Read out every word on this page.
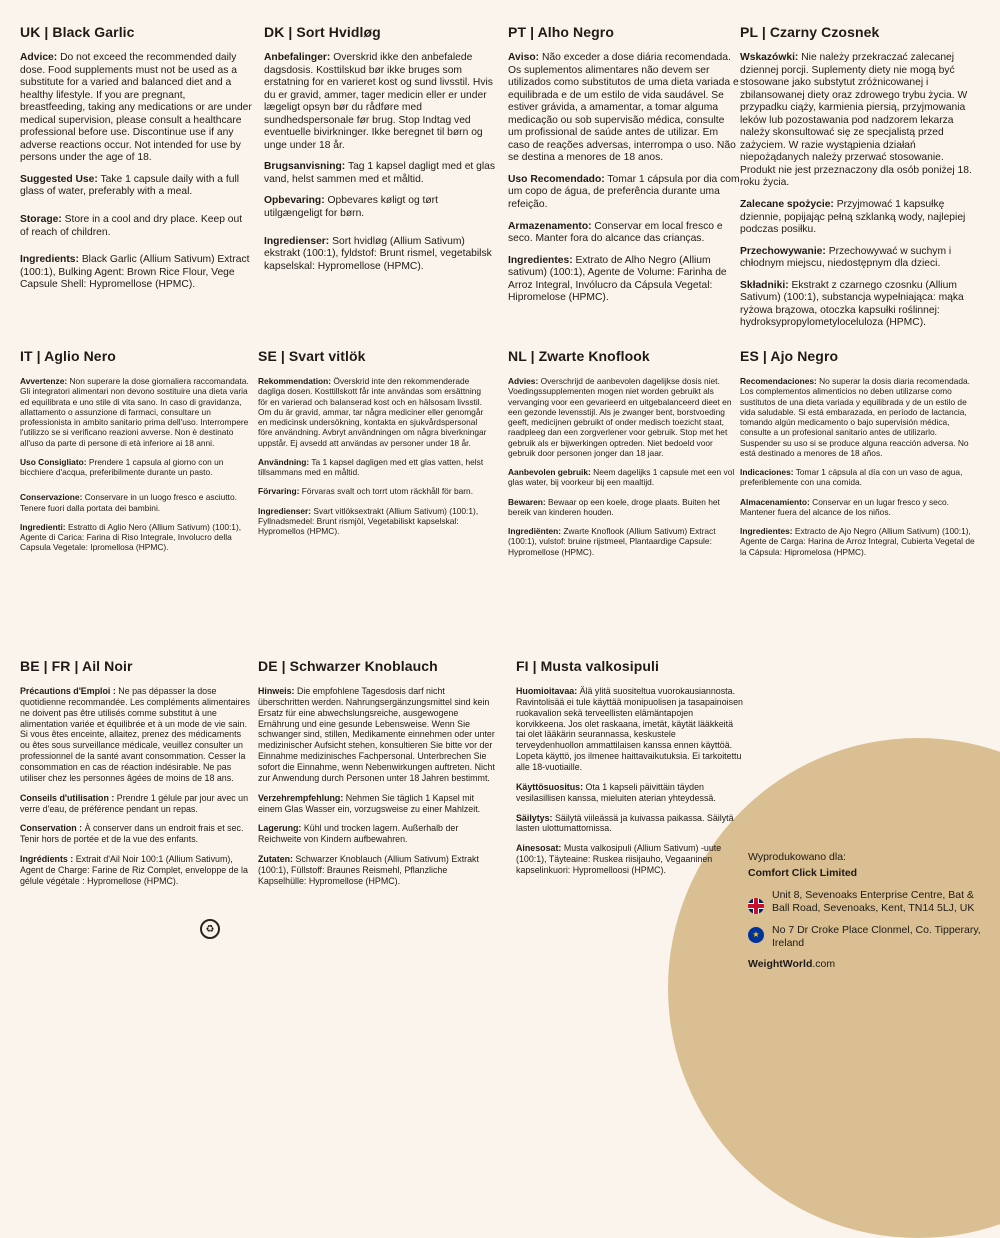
UK | Black Garlic
Advice: Do not exceed the recommended daily dose. Food supplements must not be used as a substitute for a varied and balanced diet and a healthy lifestyle. If you are pregnant, breastfeeding, taking any medications or are under medical supervision, please consult a healthcare professional before use. Discontinue use if any adverse reactions occur. Not intended for use by persons under the age of 18.
Suggested Use: Take 1 capsule daily with a full glass of water, preferably with a meal.
Storage: Store in a cool and dry place. Keep out of reach of children.
Ingredients: Black Garlic (Allium Sativum) Extract (100:1), Bulking Agent: Brown Rice Flour, Vege Capsule Shell: Hypromellose (HPMC).
DK | Sort Hvidløg
Anbefalinger: Overskrid ikke den anbefalede dagsdosis. Kosttilskud bør ikke bruges som erstatning for en varieret kost og sund livsstil. Hvis du er gravid, ammer, tager medicin eller er under lægeligt opsyn bør du rådføre med sundhedspersonale før brug. Stop Indtag ved eventuelle bivirkninger. Ikke beregnet til børn og unge under 18 år.
Brugsanvisning: Tag 1 kapsel dagligt med et glas vand, helst sammen med et måltid.
Opbevaring: Opbevares køligt og tørt utilgængeligt for børn.
Ingredienser: Sort hvidløg (Allium Sativum) ekstrakt (100:1), fyldstof: Brunt rismel, vegetabilsk kapselskal: Hypromellose (HPMC).
PT | Alho Negro
Aviso: Não exceder a dose diária recomendada. Os suplementos alimentares não devem ser utilizados como substitutos de uma dieta variada e equilibrada e de um estilo de vida saudável. Se estiver grávida, a amamentar, a tomar alguma medicação ou sob supervisão médica, consulte um profissional de saúde antes de utilizar. Em caso de reações adversas, interrompa o uso. Não se destina a menores de 18 anos.
Uso Recomendado: Tomar 1 cápsula por dia com um copo de água, de preferência durante uma refeição.
Armazenamento: Conservar em local fresco e seco. Manter fora do alcance das crianças.
Ingredientes: Extrato de Alho Negro (Allium sativum) (100:1), Agente de Volume: Farinha de Arroz Integral, Invólucro da Cápsula Vegetal: Hipromelose (HPMC).
PL | Czarny Czosnek
Wskazówki: Nie należy przekraczać zalecanej dziennej porcji. Suplementy diety nie mogą być stosowane jako substytut zróżnicowanej i zbilansowanej diety oraz zdrowego trybu życia. W przypadku ciąży, karmienia piersią, przyjmowania leków lub pozostawania pod nadzorem lekarza należy skonsultować się ze specjalistą przed zażyciem. W razie wystąpienia działań niepożądanych należy przerwać stosowanie. Produkt nie jest przeznaczony dla osób poniżej 18. roku życia.
Zalecane spożycie: Przyjmować 1 kapsułkę dziennie, popijając pełną szklanką wody, najlepiej podczas posiłku.
Przechowywanie: Przechowywać w suchym i chłodnym miejscu, niedostępnym dla dzieci.
Składniki: Ekstrakt z czarnego czosnku (Allium Sativum) (100:1), substancja wypełniająca: mąka ryżowa brązowa, otoczka kapsułki roślinnej: hydroksypropylometyloceluloza (HPMC).
IT | Aglio Nero
Avvertenze: Non superare la dose giornaliera raccomandata. Gli integratori alimentari non devono sostituire una dieta varia ed equilibrata e uno stile di vita sano. In caso di gravidanza, allattamento o assunzione di farmaci, consultare un professionista in ambito sanitario prima dell'uso. Interrompere l'utilizzo se si verificano reazioni avverse. Non è destinato all'uso da parte di persone di età inferiore ai 18 anni.
Uso Consigliato: Prendere 1 capsula al giorno con un bicchiere d'acqua, preferibilmente durante un pasto.
Conservazione: Conservare in un luogo fresco e asciutto. Tenere fuori dalla portata dei bambini.
Ingredienti: Estratto di Aglio Nero (Allium Sativum) (100:1), Agente di Carica: Farina di Riso Integrale, Involucro della Capsula Vegetale: Ipromellosa (HPMC).
SE | Svart vitlök
Rekommendation: Överskrid inte den rekommenderade dagliga dosen. Kosttillskott får inte användas som ersättning för en varierad och balanserad kost och en hälsosam livsstil. Om du är gravid, ammar, tar några mediciner eller genomgår en medicinsk undersökning, kontakta en sjukvårdspersonal före användning. Avbryt användningen om några biverkningar uppstår. Ej avsedd att användas av personer under 18 år.
Användning: Ta 1 kapsel dagligen med ett glas vatten, helst tillsammans med en måltid.
Förvaring: Förvaras svalt och torrt utom räckhåll för barn.
Ingredienser: Svart vitlöksextrakt (Allium Sativum) (100:1), Fyllnadsmedel: Brunt rismjöl, Vegetabiliskt kapselskal: Hypromellos (HPMC).
NL | Zwarte Knoflook
Advies: Overschrijd de aanbevolen dagelijkse dosis niet. Voedingssupplementen mogen niet worden gebruikt als vervanging voor een gevarieerd en uitgebalanceerd dieet en een gezonde levensstijl. Als je zwanger bent, borstvoeding geeft, medicijnen gebruikt of onder medisch toezicht staat, raadpleeg dan een zorgverlener voor gebruik. Stop met het gebruik als er bijwerkingen optreden. Niet bedoeld voor gebruik door personen jonger dan 18 jaar.
Aanbevolen gebruik: Neem dagelijks 1 capsule met een vol glas water, bij voorkeur bij een maaltijd.
Bewaren: Bewaar op een koele, droge plaats. Buiten het bereik van kinderen houden.
Ingrediënten: Zwarte Knoflook (Allium Sativum) Extract (100:1), vulstof: bruine rijstmeel, Plantaardige Capsule: Hypromellose (HPMC).
ES | Ajo Negro
Recomendaciones: No superar la dosis diaria recomendada. Los complementos alimenticios no deben utilizarse como sustitutos de una dieta variada y equilibrada y de un estilo de vida saludable. Si está embarazada, en período de lactancia, tomando algún medicamento o bajo supervisión médica, consulte a un profesional sanitario antes de utilizarlo. Suspender su uso si se produce alguna reacción adversa. No está destinado a menores de 18 años.
Indicaciones: Tomar 1 cápsula al día con un vaso de agua, preferiblemente con una comida.
Almacenamiento: Conservar en un lugar fresco y seco. Mantener fuera del alcance de los niños.
Ingredientes: Extracto de Ajo Negro (Allium Sativum) (100:1), Agente de Carga: Harina de Arroz Integral, Cubierta Vegetal de la Cápsula: Hipromelosa (HPMC).
BE | FR | Ail Noir
Précautions d'Emploi : Ne pas dépasser la dose quotidienne recommandée. Les compléments alimentaires ne doivent pas être utilisés comme substitut à une alimentation variée et équilibrée et à un mode de vie sain. Si vous êtes enceinte, allaitez, prenez des médicaments ou êtes sous surveillance médicale, veuillez consulter un professionnel de la santé avant consommation. Cesser la consommation en cas de réaction indésirable. Ne pas utiliser chez les personnes âgées de moins de 18 ans.
Conseils d'utilisation : Prendre 1 gélule par jour avec un verre d'eau, de préférence pendant un repas.
Conservation : À conserver dans un endroit frais et sec. Tenir hors de portée et de la vue des enfants.
Ingrédients : Extrait d'Ail Noir 100:1 (Allium Sativum), Agent de Charge: Farine de Riz Complet, enveloppe de la gélule végétale : Hypromellose (HPMC).
♻
DE | Schwarzer Knoblauch
Hinweis: Die empfohlene Tagesdosis darf nicht überschritten werden. Nahrungsergänzungsmittel sind kein Ersatz für eine abwechslungsreiche, ausgewogene Ernährung und eine gesunde Lebensweise. Wenn Sie schwanger sind, stillen, Medikamente einnehmen oder unter medizinischer Aufsicht stehen, konsultieren Sie bitte vor der Einnahme medizinisches Fachpersonal. Unterbrechen Sie sofort die Einnahme, wenn Nebenwirkungen auftreten. Nicht zur Anwendung durch Personen unter 18 Jahren bestimmt.
Verzehrempfehlung: Nehmen Sie täglich 1 Kapsel mit einem Glas Wasser ein, vorzugsweise zu einer Mahlzeit.
Lagerung: Kühl und trocken lagern. Außerhalb der Reichweite von Kindern aufbewahren.
Zutaten: Schwarzer Knoblauch (Allium Sativum) Extrakt (100:1), Füllstoff: Braunes Reismehl, Pflanzliche Kapselhülle: Hypromellose (HPMC).
FI | Musta valkosipuli
Huomioitavaa: Älä ylitä suositeltua vuorokausiannosta. Ravintolisää ei tule käyttää monipuolisen ja tasapainoisen ruokavalion sekä terveellisten elämäntapojen korvikkeena. Jos olet raskaana, imetät, käytät lääkkeitä tai olet lääkärin seurannassa, keskustele terveydenhuollon ammattilaisen kanssa ennen käyttöä. Lopeta käyttö, jos ilmenee haittavaikutuksia. Ei tarkoitettu alle 18-vuotiaille.
Käyttösuositus: Ota 1 kapseli päivittäin täyden vesilasillisen kanssa, mieluiten aterian yhteydessä.
Säilytys: Säilytä viileässä ja kuivassa paikassa. Säilytä lasten ulottumattomissa.
Ainesosat: Musta valkosipuli (Allium Sativum) -uute (100:1), Täyteaine: Ruskea riisijauho, Vegaaninen kapselinkuori: Hypromelloosi (HPMC).
Wyprodukowano dla:
Comfort Click Limited
Unit 8, Sevenoaks Enterprise Centre, Bat & Ball Road, Sevenoaks, Kent, TN14 5LJ, UK
★	No 7 Dr Croke Place Clonmel, Co. Tipperary, Ireland
WeightWorld.com
